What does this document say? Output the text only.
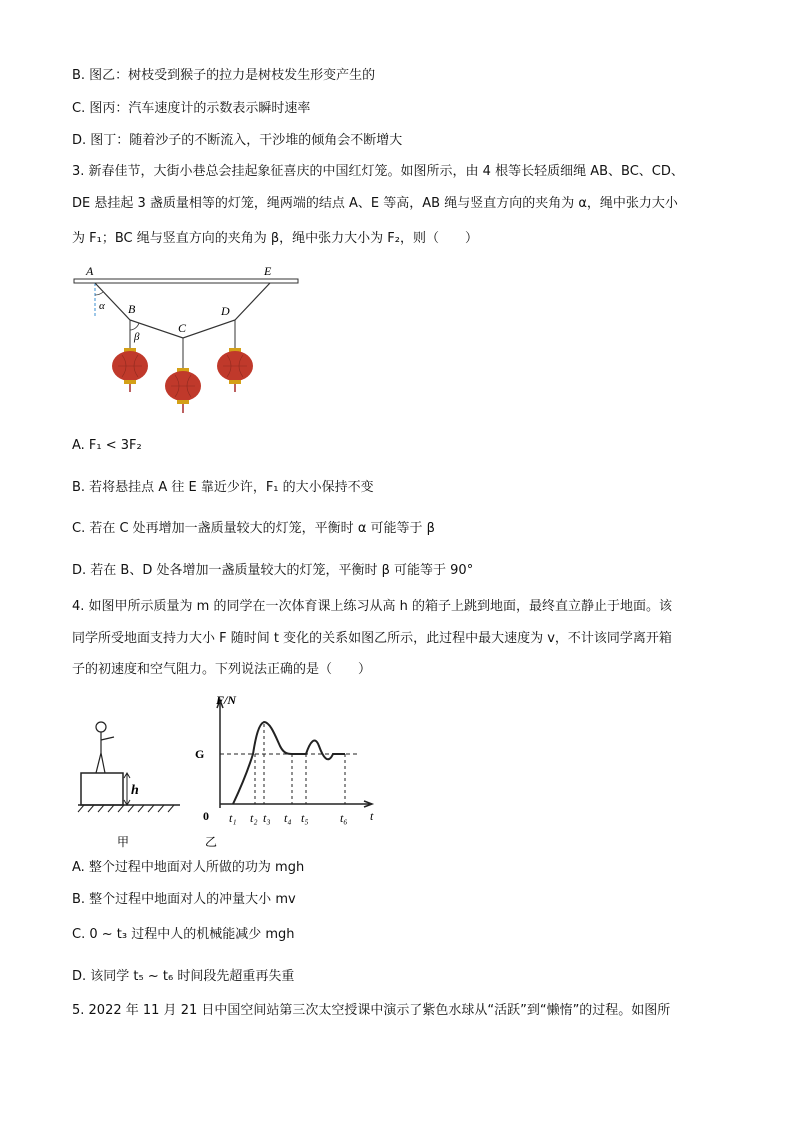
B. 图乙：树枝受到猴子的拉力是树枝发生形变产生的
C. 图丙：汽车速度计的示数表示瞬时速率
D. 图丁：随着沙子的不断流入，干沙堆的倾角会不断增大
3. 新春佳节，大街小巷总会挂起象征喜庆的中国红灯笼。如图所示，由 4 根等长轻质细绳 AB、BC、CD、
DE 悬挂起 3 盏质量相等的灯笼，绳两端的结点 A、E 等高，AB 绳与竖直方向的夹角为 α，绳中张力大小
为 F₁；BC 绳与竖直方向的夹角为 β，绳中张力大小为 F₂，则（　　）
A	E
α
β
B
C
D
A. F₁ < 3F₂
B. 若将悬挂点 A 往 E 靠近少许，F₁ 的大小保持不变
C. 若在 C 处再增加一盏质量较大的灯笼，平衡时 α 可能等于 β
D. 若在 B、D 处各增加一盏质量较大的灯笼，平衡时 β 可能等于 90°
4. 如图甲所示质量为 m 的同学在一次体育课上练习从高 h 的箱子上跳到地面，最终直立静止于地面。该
同学所受地面支持力大小 F 随时间 t 变化的关系如图乙所示，此过程中最大速度为 v，不计该同学离开箱
子的初速度和空气阻力。下列说法正确的是（　　）
h
甲
F/N
t
0
G
t₁ t₂ t₃ t₄ t₅	t₆
乙
A. 整个过程中地面对人所做的功为 mgh
B. 整个过程中地面对人的冲量大小 mv
C. 0 ~ t₃ 过程中人的机械能减少 mgh
D. 该同学 t₅ ~ t₆ 时间段先超重再失重
5. 2022 年 11 月 21 日中国空间站第三次太空授课中演示了紫色水球从“活跃”到“懒惰”的过程。如图所
